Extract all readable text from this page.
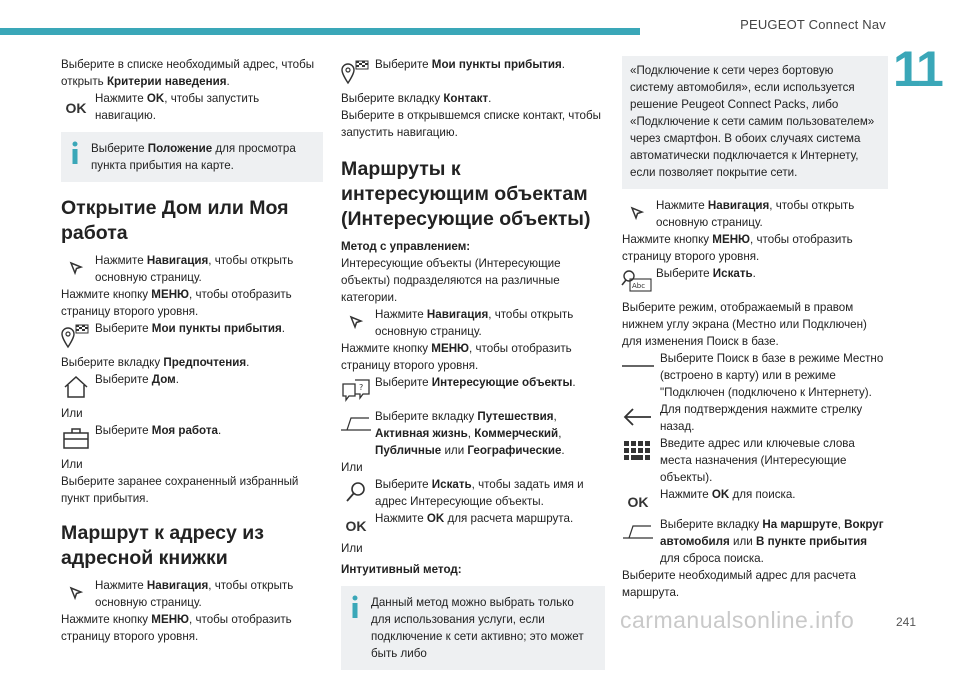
PEUGEOT Connect Nav
11
Выберите в списке необходимый адрес, чтобы открыть Критерии наведения.
OK
Нажмите OK, чтобы запустить навигацию.
Выберите Положение для просмотра пункта прибытия на карте.
Открытие Дом или Моя работа
Нажмите Навигация, чтобы открыть основную страницу.
Нажмите кнопку МЕНЮ, чтобы отобразить страницу второго уровня.
Выберите Мои пункты прибытия.
Выберите вкладку Предпочтения.
Выберите Дом.
Или
Выберите Моя работа.
Или
Выберите заранее сохраненный избранный пункт прибытия.
Маршрут к адресу из адресной книжки
Нажмите Навигация, чтобы открыть основную страницу.
Нажмите кнопку МЕНЮ, чтобы отобразить страницу второго уровня.
Выберите Мои пункты прибытия.
Выберите вкладку Контакт.
Выберите в открывшемся списке контакт, чтобы запустить навигацию.
Маршруты к интересующим объектам (Интересующие объекты)
Метод с управлением:
Интересующие объекты (Интересующие объекты) подразделяются на различные категории.
Нажмите Навигация, чтобы открыть основную страницу.
Нажмите кнопку МЕНЮ, чтобы отобразить страницу второго уровня.
? Выберите Интересующие объекты.
Выберите вкладку Путешествия, Активная жизнь, Коммерческий, Публичные или Географические.
Или
Выберите Искать, чтобы задать имя и адрес Интересующие объекты.
OK Нажмите OK для расчета маршрута.
Или
Интуитивный метод:
Данный метод можно выбрать только для использования услуги, если подключение к сети активно; это может быть либо
«Подключение к сети через бортовую систему автомобиля», если используется решение Peugeot Connect Packs, либо «Подключение к сети самим пользователем» через смартфон. В обоих случаях система автоматически подключается к Интернету, если позволяет покрытие сети.
Нажмите Навигация, чтобы открыть основную страницу.
Нажмите кнопку МЕНЮ, чтобы отобразить страницу второго уровня.
Abc
Выберите Искать.
Выберите режим, отображаемый в правом нижнем углу экрана (Местно или Подключен) для изменения Поиск в базе.
Выберите Поиск в базе в режиме Местно (встроено в карту) или в режиме "Подключен (подключено к Интернету).
Для подтверждения нажмите стрелку назад.
Введите адрес или ключевые слова места назначения (Интересующие объекты).
OK Нажмите OK для поиска.
Выберите вкладку На маршруте, Вокруг автомобиля или В пункте прибытия для сброса поиска.
Выберите необходимый адрес для расчета маршрута.
carmanualsonline.info	241
